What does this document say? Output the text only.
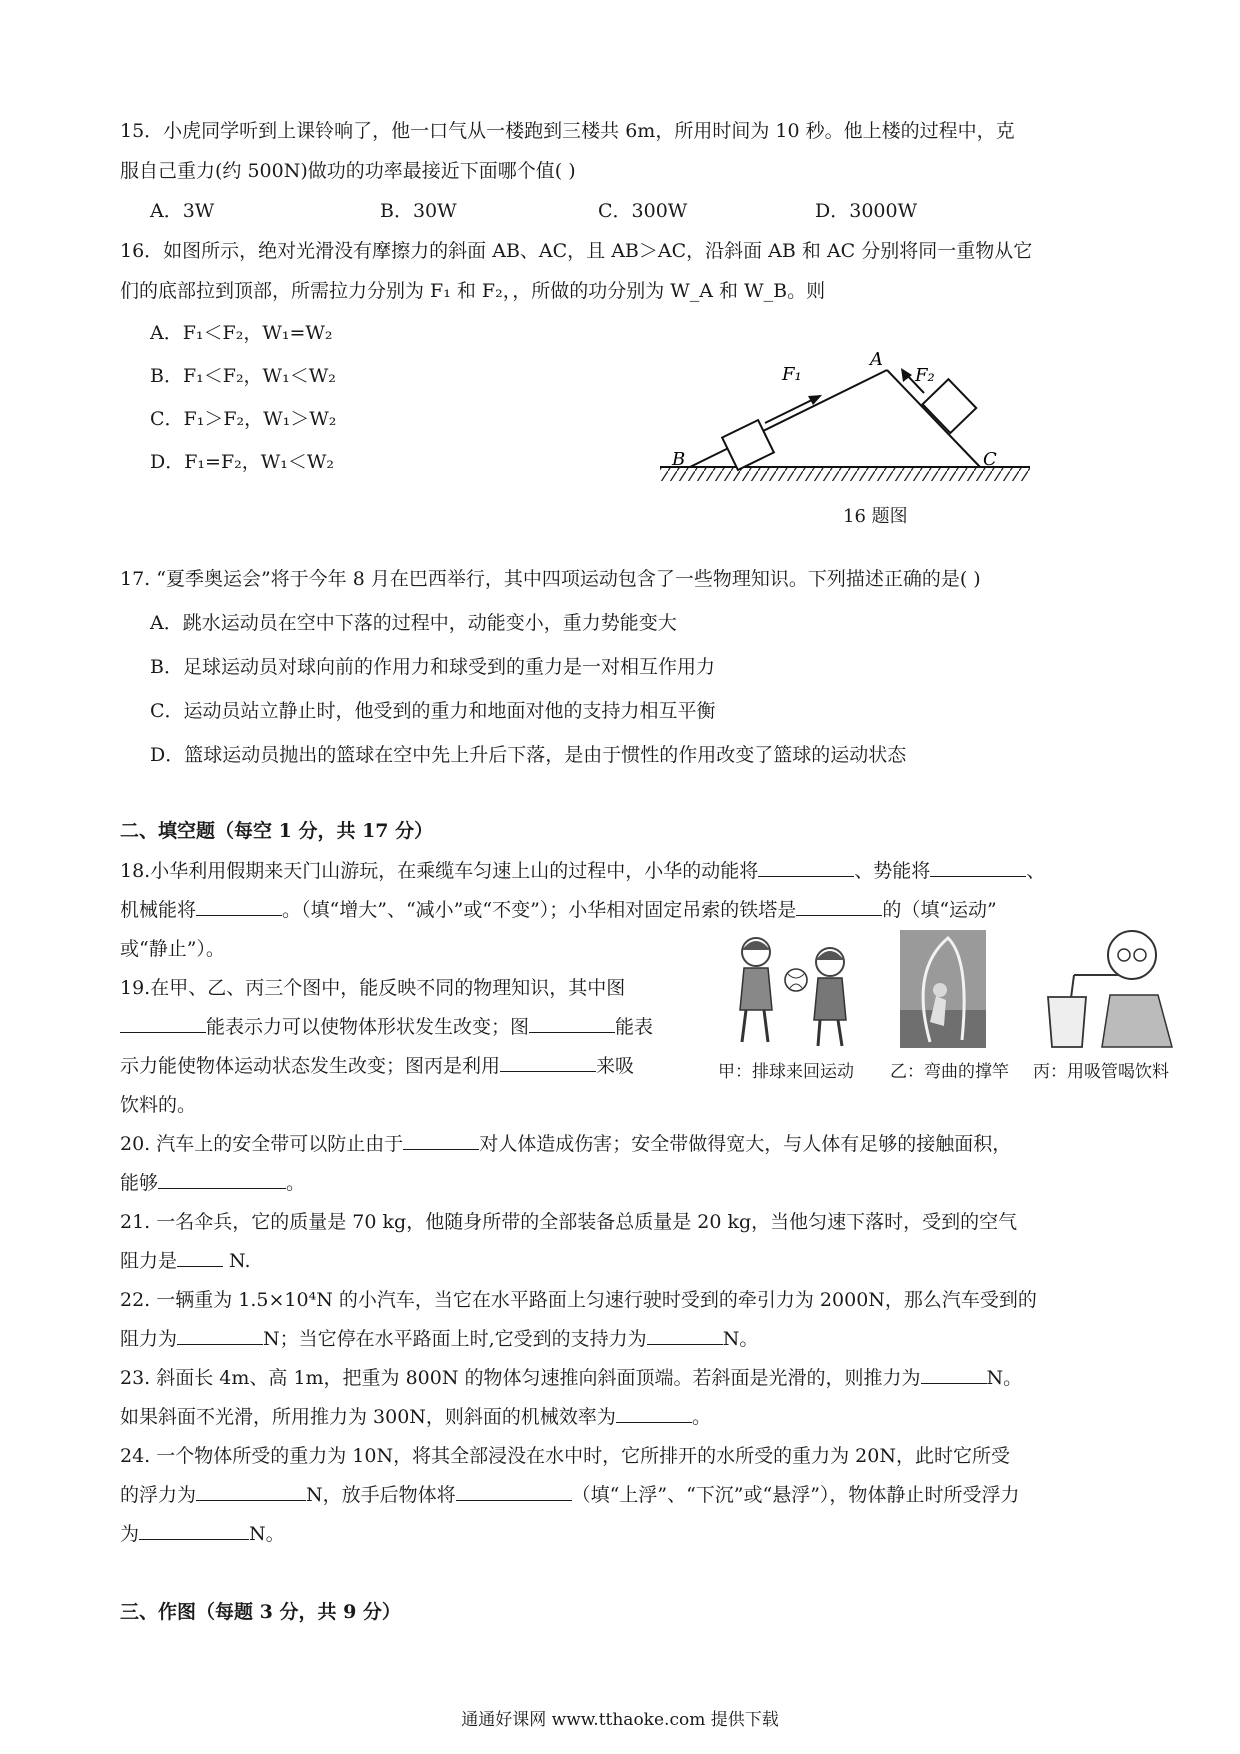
15．小虎同学听到上课铃响了，他一口气从一楼跑到三楼共 6m，所用时间为 10 秒。他上楼的过程中，克
服自己重力(约 500N)做功的功率最接近下面哪个值( )
A．3W	B．30W	C．300W	D．3000W
16．如图所示，绝对光滑没有摩擦力的斜面 AB、AC，且 AB＞AC，沿斜面 AB 和 AC 分别将同一重物从它
们的底部拉到顶部，所需拉力分别为 F₁ 和 F₂，，所做的功分别为 W_A 和 W_B。则
A．F₁＜F₂，W₁=W₂
B．F₁＜F₂，W₁＜W₂
C．F₁＞F₂，W₁＞W₂
D．F₁=F₂，W₁＜W₂
F₁
A
F₂
B	C
16 题图
17. “夏季奥运会”将于今年 8 月在巴西举行，其中四项运动包含了一些物理知识。下列描述正确的是( )
A．跳水运动员在空中下落的过程中，动能变小，重力势能变大
B．足球运动员对球向前的作用力和球受到的重力是一对相互作用力
C．运动员站立静止时，他受到的重力和地面对他的支持力相互平衡
D．篮球运动员抛出的篮球在空中先上升后下落，是由于惯性的作用改变了篮球的运动状态
二、填空题（每空 1 分，共 17 分）
18.小华利用假期来天门山游玩，在乘缆车匀速上山的过程中，小华的动能将	、势能将	、
机械能将	。（填“增大”、“减小”或“不变”）；小华相对固定吊索的铁塔是	的（填“运动”
或“静止”）。
19.在甲、乙、丙三个图中，能反映不同的物理知识，其中图
能表示力可以使物体形状发生改变；图	能表
示力能使物体运动状态发生改变；图丙是利用	来吸
饮料的。
甲：排球来回运动 乙：弯曲的撑竿 丙：用吸管喝饮料
20. 汽车上的安全带可以防止由于	对人体造成伤害；安全带做得宽大，与人体有足够的接触面积，
能够	。
21. 一名伞兵，它的质量是 70 kg，他随身所带的全部装备总质量是 20 kg，当他匀速下落时，受到的空气
阻力是 N.
22. 一辆重为 1.5×10⁴N 的小汽车，当它在水平路面上匀速行驶时受到的牵引力为 2000N，那么汽车受到的
阻力为	N；当它停在水平路面上时,它受到的支持力为	N。
23. 斜面长 4m、高 1m，把重为 800N 的物体匀速推向斜面顶端。若斜面是光滑的，则推力为	N。
如果斜面不光滑，所用推力为 300N，则斜面的机械效率为	。
24. 一个物体所受的重力为 10N，将其全部浸没在水中时，它所排开的水所受的重力为 20N，此时它所受
的浮力为	N，放手后物体将	（填“上浮”、“下沉”或“悬浮”），物体静止时所受浮力
为	N。
三、作图（每题 3 分，共 9 分）
通通好课网 www.tthaoke.com 提供下载
